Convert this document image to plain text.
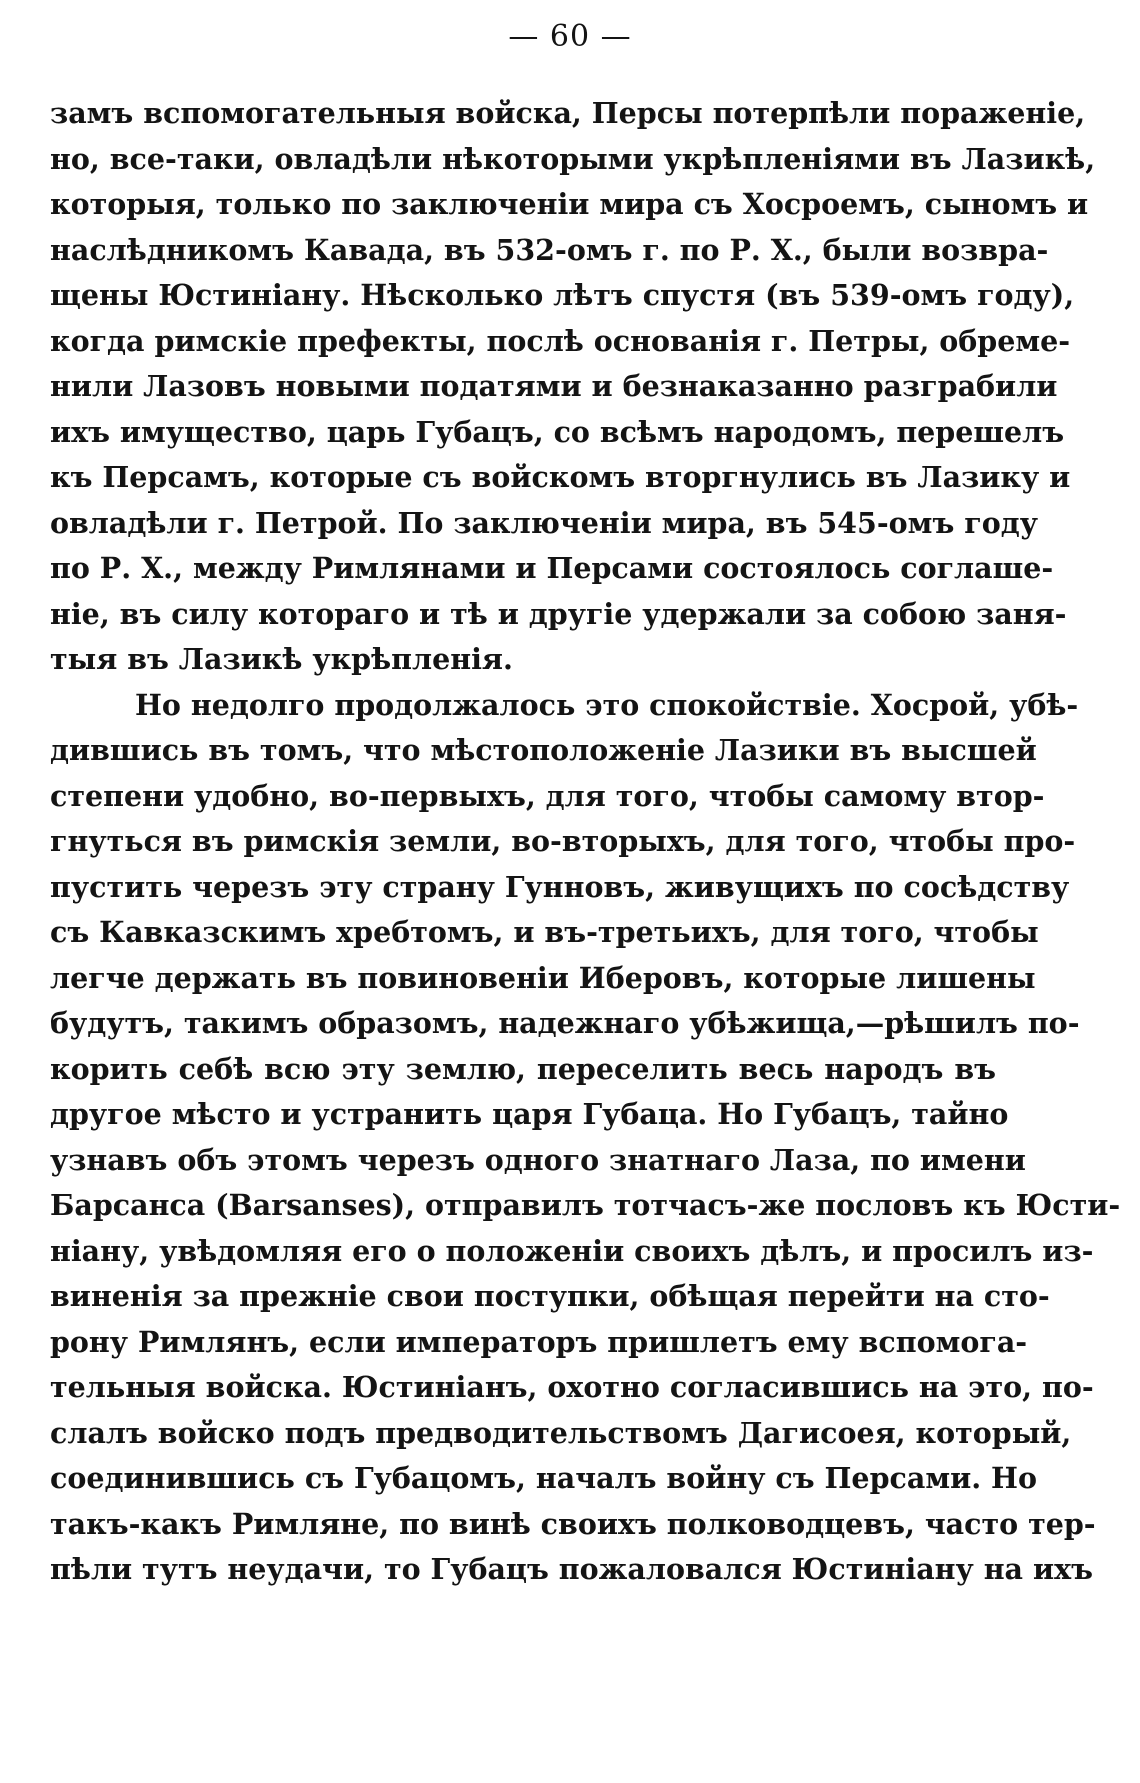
— 60 —
замъ вспомогательныя войска, Персы потерпѣли пораженіе,
но, все-таки, овладѣли нѣкоторыми укрѣпленіями въ Лазикѣ,
которыя, только по заключеніи мира съ Хосроемъ, сыномъ и
наслѣдникомъ Кавада, въ 532-омъ г. по Р. Х., были возвра-
щены Юстиніану. Нѣсколько лѣтъ спустя (въ 539-омъ году),
когда римскіе префекты, послѣ основанія г. Петры, обреме-
нили Лазовъ новыми податями и безнаказанно разграбили
ихъ имущество, царь Губацъ, со всѣмъ народомъ, перешелъ
къ Персамъ, которые съ войскомъ вторгнулись въ Лазику и
овладѣли г. Петрой. По заключеніи мира, въ 545-омъ году
по Р. Х., между Римлянами и Персами состоялось соглаше-
ніе, въ силу котораго и тѣ и другіе удержали за собою заня-
тыя въ Лазикѣ укрѣпленія.
Но недолго продолжалось это спокойствіе. Хосрой, убѣ-
дившись въ томъ, что мѣстоположеніе Лазики въ высшей
степени удобно, во-первыхъ, для того, чтобы самому втор-
гнуться въ римскія земли, во-вторыхъ, для того, чтобы про-
пустить черезъ эту страну Гунновъ, живущихъ по сосѣдству
съ Кавказскимъ хребтомъ, и въ-третьихъ, для того, чтобы
легче держать въ повиновеніи Иберовъ, которые лишены
будутъ, такимъ образомъ, надежнаго убѣжища,—рѣшилъ по-
корить себѣ всю эту землю, переселить весь народъ въ
другое мѣсто и устранить царя Губаца. Но Губацъ, тайно
узнавъ объ этомъ черезъ одного знатнаго Лаза, по имени
Барсанса (Barsanses), отправилъ тотчасъ-же пословъ къ Юсти-
ніану, увѣдомляя его о положеніи своихъ дѣлъ, и просилъ из-
виненія за прежніе свои поступки, обѣщая перейти на сто-
рону Римлянъ, если императоръ пришлетъ ему вспомога-
тельныя войска. Юстиніанъ, охотно согласившись на это, по-
слалъ войско подъ предводительствомъ Дагисоея, который,
соединившись съ Губацомъ, началъ войну съ Персами. Но
такъ-какъ Римляне, по винѣ своихъ полководцевъ, часто тер-
пѣли тутъ неудачи, то Губацъ пожаловался Юстиніану на ихъ
